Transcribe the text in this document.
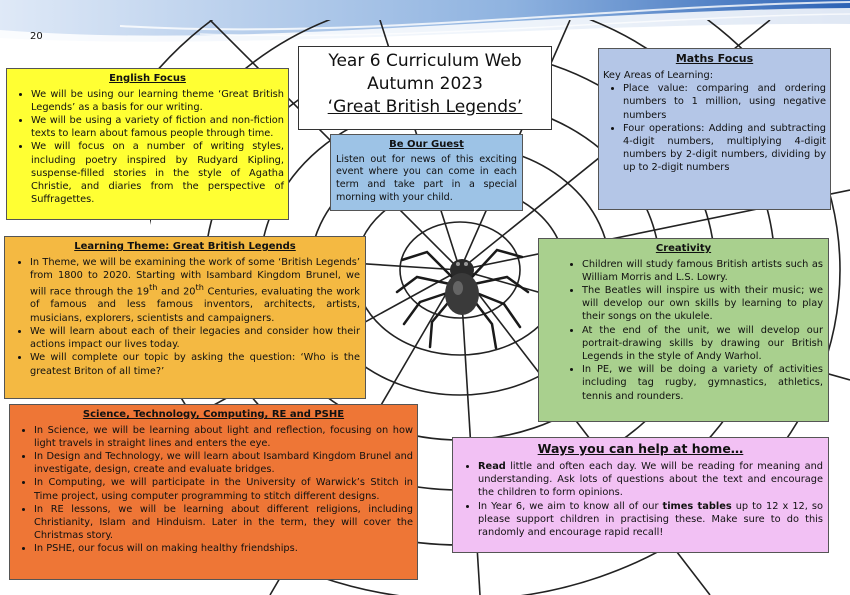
20
Year 6 Curriculum Web
Autumn 2023
‘Great British Legends’
English Focus
• We will be using our learning theme ‘Great British Legends’ as a basis for our writing.
• We will be using a variety of fiction and non-fiction texts to learn about famous people through time.
• We will focus on a number of writing styles, including poetry inspired by Rudyard Kipling, suspense-filled stories in the style of Agatha Christie, and diaries from the perspective of Suffragettes.
Be Our Guest

Listen out for news of this exciting event where you can come in each term and take part in a special morning with your child.

Maths Focus

Key Areas of Learning:

• Place value: comparing and ordering numbers to 1 million, using negative numbers
• Four operations: Adding and subtracting 4-digit numbers, multiplying 4-digit numbers by 2-digit numbers, dividing by up to 2-digit numbers
Learning Theme: Great British Legends
• In Theme, we will be examining the work of some ‘British Legends’ from 1800 to 2020. Starting with Isambard Kingdom Brunel, we will race through the 19th and 20th Centuries, evaluating the work of famous and less famous inventors, architects, artists, musicians, explorers, scientists and campaigners.
• We will learn about each of their legacies and consider how their actions impact our lives today.
• We will complete our topic by asking the question: ‘Who is the greatest Briton of all time?’
Creativity
• Children will study famous British artists such as William Morris and L.S. Lowry.
• The Beatles will inspire us with their music; we will develop our own skills by learning to play their songs on the ukulele.
• At the end of the unit, we will develop our portrait-drawing skills by drawing our British Legends in the style of Andy Warhol.
• In PE, we will be doing a variety of activities including tag rugby, gymnastics, athletics, tennis and rounders.
Science, Technology, Computing, RE and PSHE
• In Science, we will be learning about light and reflection, focusing on how light travels in straight lines and enters the eye.
• In Design and Technology, we will learn about Isambard Kingdom Brunel and investigate, design, create and evaluate bridges.
• In Computing, we will participate in the University of Warwick’s Stitch in Time project, using computer programming to stitch different designs.
• In RE lessons, we will be learning about different religions, including Christianity, Islam and Hinduism. Later in the term, they will cover the Christmas story.
• In PSHE, our focus will on making healthy friendships.
Ways you can help at home…
• Read little and often each day. We will be reading for meaning and understanding. Ask lots of questions about the text and encourage the children to form opinions.
• In Year 6, we aim to know all of our times tables up to 12 x 12, so please support children in practising these. Make sure to do this randomly and encourage rapid recall!
